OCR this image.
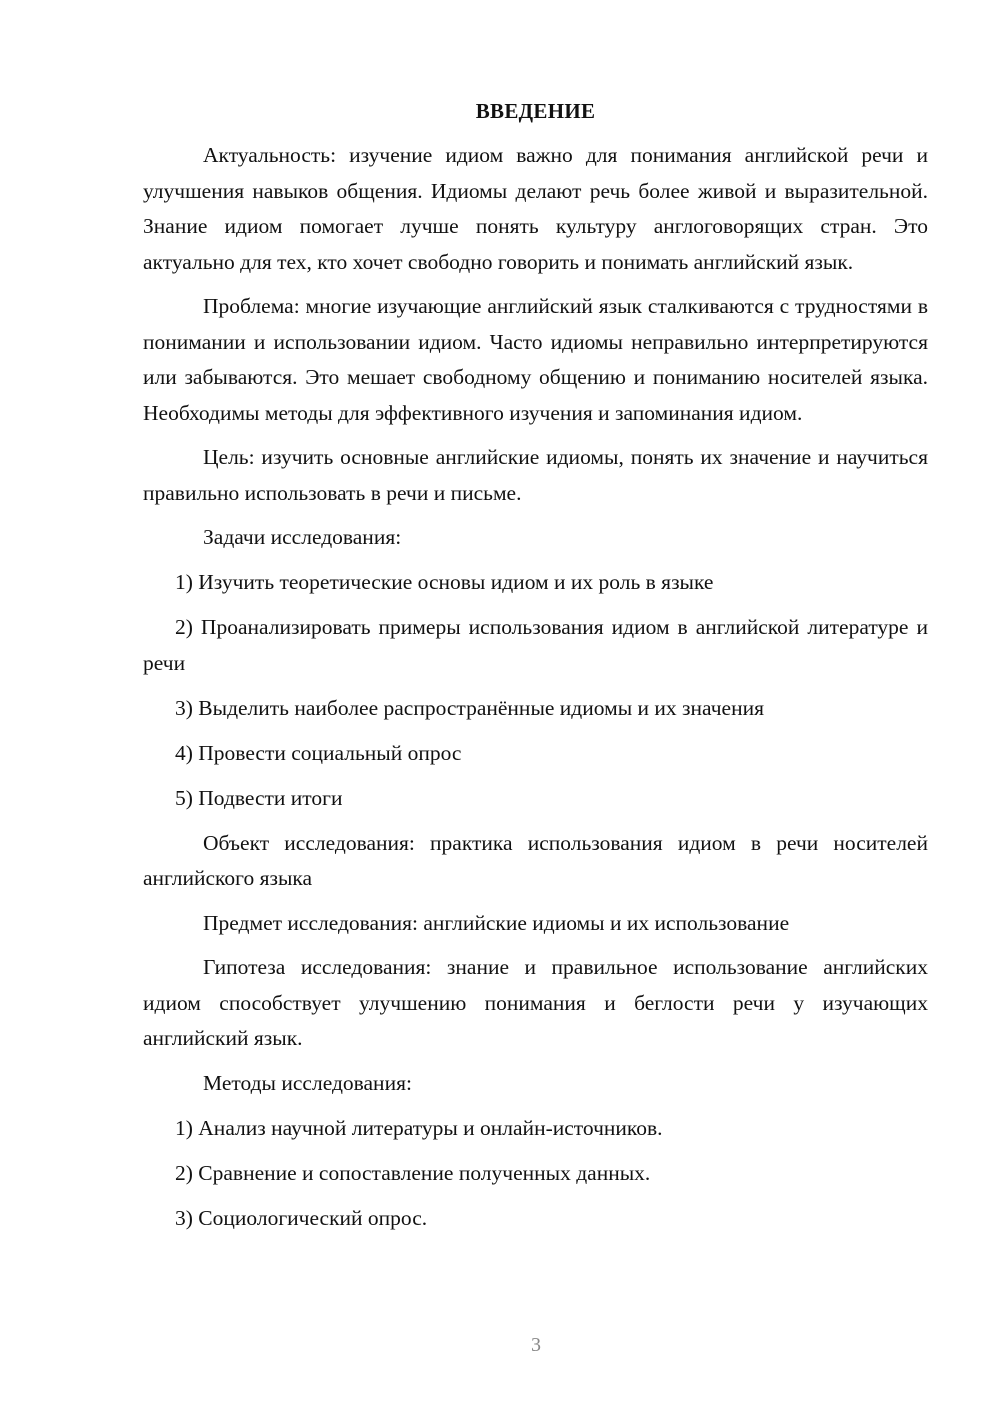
ВВЕДЕНИЕ
Актуальность: изучение идиом важно для понимания английской речи и улучшения навыков общения. Идиомы делают речь более живой и выразительной. Знание идиом помогает лучше понять культуру англоговорящих стран. Это актуально для тех, кто хочет свободно говорить и понимать английский язык.
Проблема: многие изучающие английский язык сталкиваются с трудностями в понимании и использовании идиом. Часто идиомы неправильно интерпретируются или забываются. Это мешает свободному общению и пониманию носителей языка. Необходимы методы для эффективного изучения и запоминания идиом.
Цель: изучить основные английские идиомы, понять их значение и научиться правильно использовать в речи и письме.
Задачи исследования:
1) Изучить теоретические основы идиом и их роль в языке
2) Проанализировать примеры использования идиом в английской литературе и речи
3) Выделить наиболее распространённые идиомы и их значения
4) Провести социальный опрос
5) Подвести итоги
Объект исследования: практика использования идиом в речи носителей английского языка
Предмет исследования: английские идиомы и их использование
Гипотеза исследования: знание и правильное использование английских идиом способствует улучшению понимания и беглости речи у изучающих английский язык.
Методы исследования:
1) Анализ научной литературы и онлайн-источников.
2) Сравнение и сопоставление полученных данных.
3) Социологический опрос.
3
